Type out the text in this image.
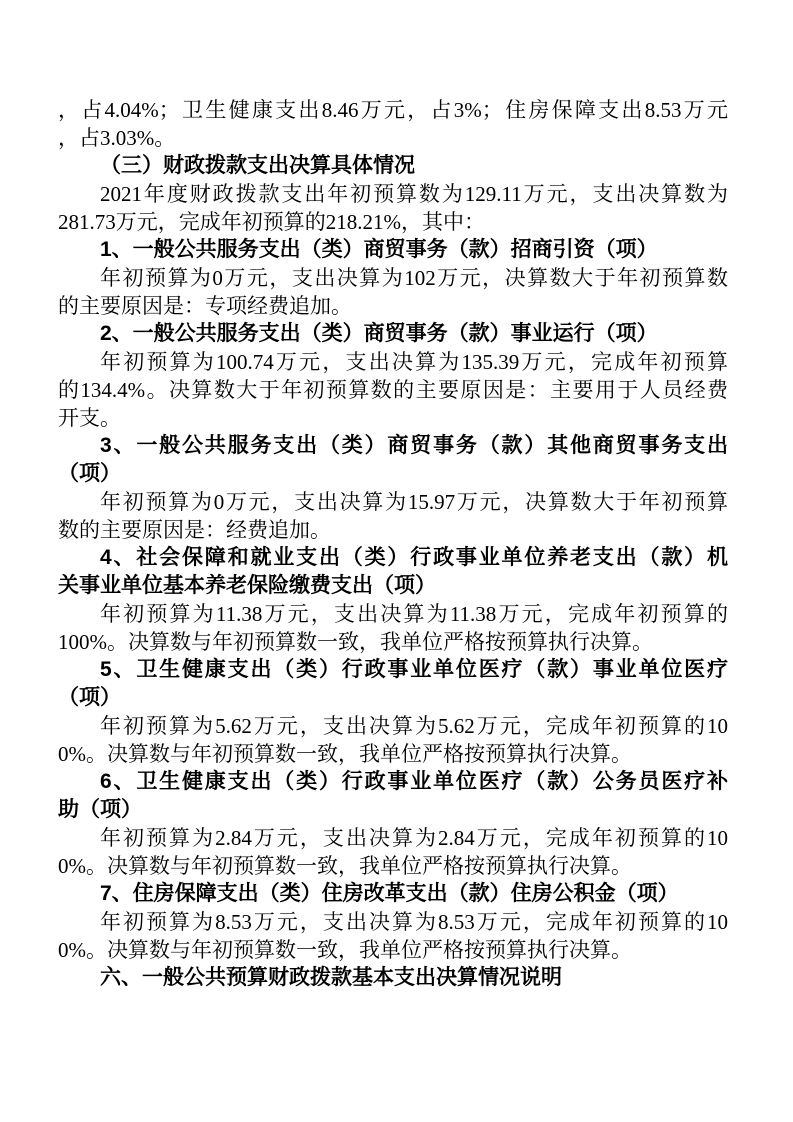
，占4.04%；卫生健康支出8.46万元，占3%；住房保障支出8.53万元
，占3.03%。
（三）财政拨款支出决算具体情况
2021年度财政拨款支出年初预算数为129.11万元，支出决算数为
281.73万元，完成年初预算的218.21%，其中：
1、一般公共服务支出（类）商贸事务（款）招商引资（项）
年初预算为0万元，支出决算为102万元，决算数大于年初预算数
的主要原因是：专项经费追加。
2、一般公共服务支出（类）商贸事务（款）事业运行（项）
年初预算为100.74万元，支出决算为135.39万元，完成年初预算
的134.4%。决算数大于年初预算数的主要原因是：主要用于人员经费
开支。
3、一般公共服务支出（类）商贸事务（款）其他商贸事务支出
（项）
年初预算为0万元，支出决算为15.97万元，决算数大于年初预算
数的主要原因是：经费追加。
4、社会保障和就业支出（类）行政事业单位养老支出（款）机
关事业单位基本养老保险缴费支出（项）
年初预算为11.38万元，支出决算为11.38万元，完成年初预算的
100%。决算数与年初预算数一致，我单位严格按预算执行决算。
5、卫生健康支出（类）行政事业单位医疗（款）事业单位医疗
（项）
年初预算为5.62万元，支出决算为5.62万元，完成年初预算的10
0%。决算数与年初预算数一致，我单位严格按预算执行决算。
6、卫生健康支出（类）行政事业单位医疗（款）公务员医疗补
助（项）
年初预算为2.84万元，支出决算为2.84万元，完成年初预算的10
0%。决算数与年初预算数一致，我单位严格按预算执行决算。
7、住房保障支出（类）住房改革支出（款）住房公积金（项）
年初预算为8.53万元，支出决算为8.53万元，完成年初预算的10
0%。决算数与年初预算数一致，我单位严格按预算执行决算。
六、一般公共预算财政拨款基本支出决算情况说明
